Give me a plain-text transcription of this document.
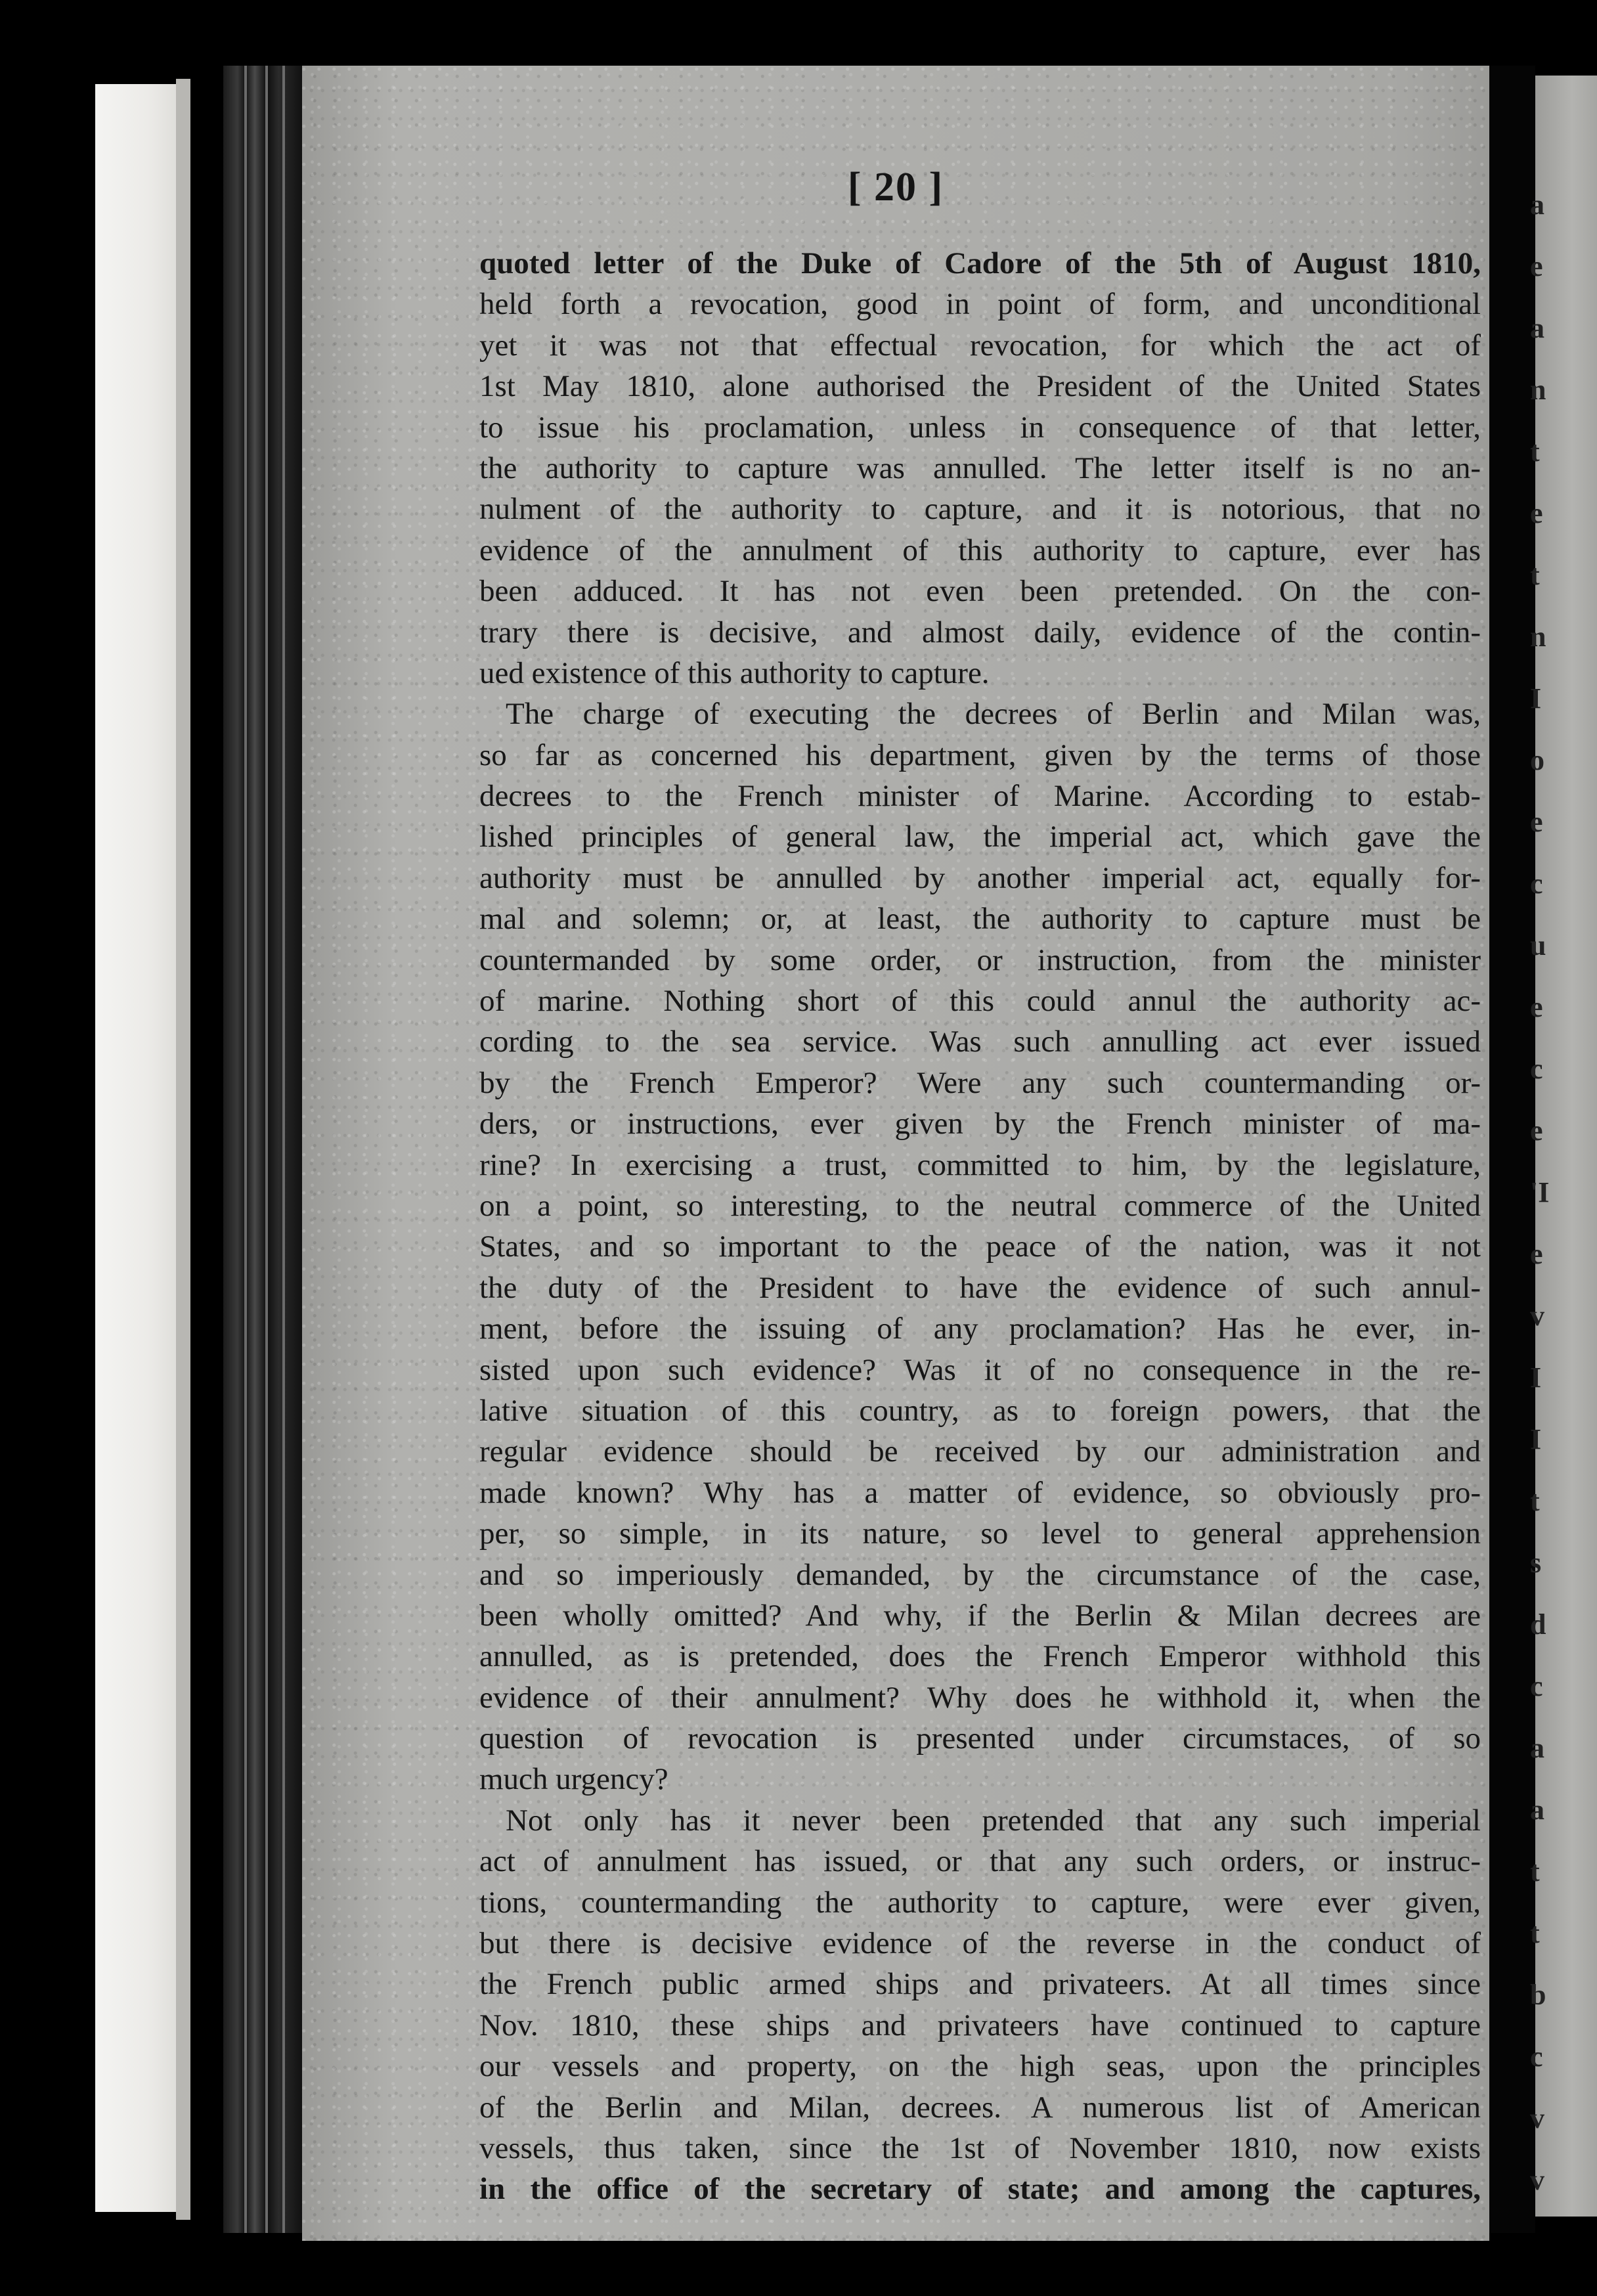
[ 20 ]
quoted letter of the Duke of Cadore of the 5th of August 1810,
held forth a revocation, good in point of form, and unconditional
yet it was not that effectual revocation, for which the act of
1st May 1810, alone authorised the President of the United States
to issue his proclamation, unless in consequence of that letter,
the authority to capture was annulled. The letter itself is no an-
nulment of the authority to capture, and it is notorious, that no
evidence of the annulment of this authority to capture, ever has
been adduced. It has not even been pretended. On the con-
trary there is decisive, and almost daily, evidence of the contin-
ued existence of this authority to capture.
The charge of executing the decrees of Berlin and Milan was,
so far as concerned his department, given by the terms of those
decrees to the French minister of Marine. According to estab-
lished principles of general law, the imperial act, which gave the
authority must be annulled by another imperial act, equally for-
mal and solemn; or, at least, the authority to capture must be
countermanded by some order, or instruction, from the minister
of marine. Nothing short of this could annul the authority ac-
cording to the sea service. Was such annulling act ever issued
by the French Emperor? Were any such countermanding or-
ders, or instructions, ever given by the French minister of ma-
rine? In exercising a trust, committed to him, by the legislature,
on a point, so interesting, to the neutral commerce of the United
States, and so important to the peace of the nation, was it not
the duty of the President to have the evidence of such annul-
ment, before the issuing of any proclamation? Has he ever, in-
sisted upon such evidence? Was it of no consequence in the re-
lative situation of this country, as to foreign powers, that the
regular evidence should be received by our administration and
made known? Why has a matter of evidence, so obviously pro-
per, so simple, in its nature, so level to general apprehension
and so imperiously demanded, by the circumstance of the case,
been wholly omitted? And why, if the Berlin & Milan decrees are
annulled, as is pretended, does the French Emperor withhold this
evidence of their annulment? Why does he withhold it, when the
question of revocation is presented under circumstaces, of so
much urgency?
Not only has it never been pretended that any such imperial
act of annulment has issued, or that any such orders, or instruc-
tions, countermanding the authority to capture, were ever given,
but there is decisive evidence of the reverse in the conduct of
the French public armed ships and privateers. At all times since
Nov. 1810, these ships and privateers have continued to capture
our vessels and property, on the high seas, upon the principles
of the Berlin and Milan, decrees. A numerous list of American
vessels, thus taken, since the 1st of November 1810, now exists
in the office of the secretary of state; and among the captures,
a
e
a
n
t
e
t
n
I
o
e
c
u
e
c
e
'I
e
v
I
I
t
s
d
c
a
a
t
t
b
c
v
v
